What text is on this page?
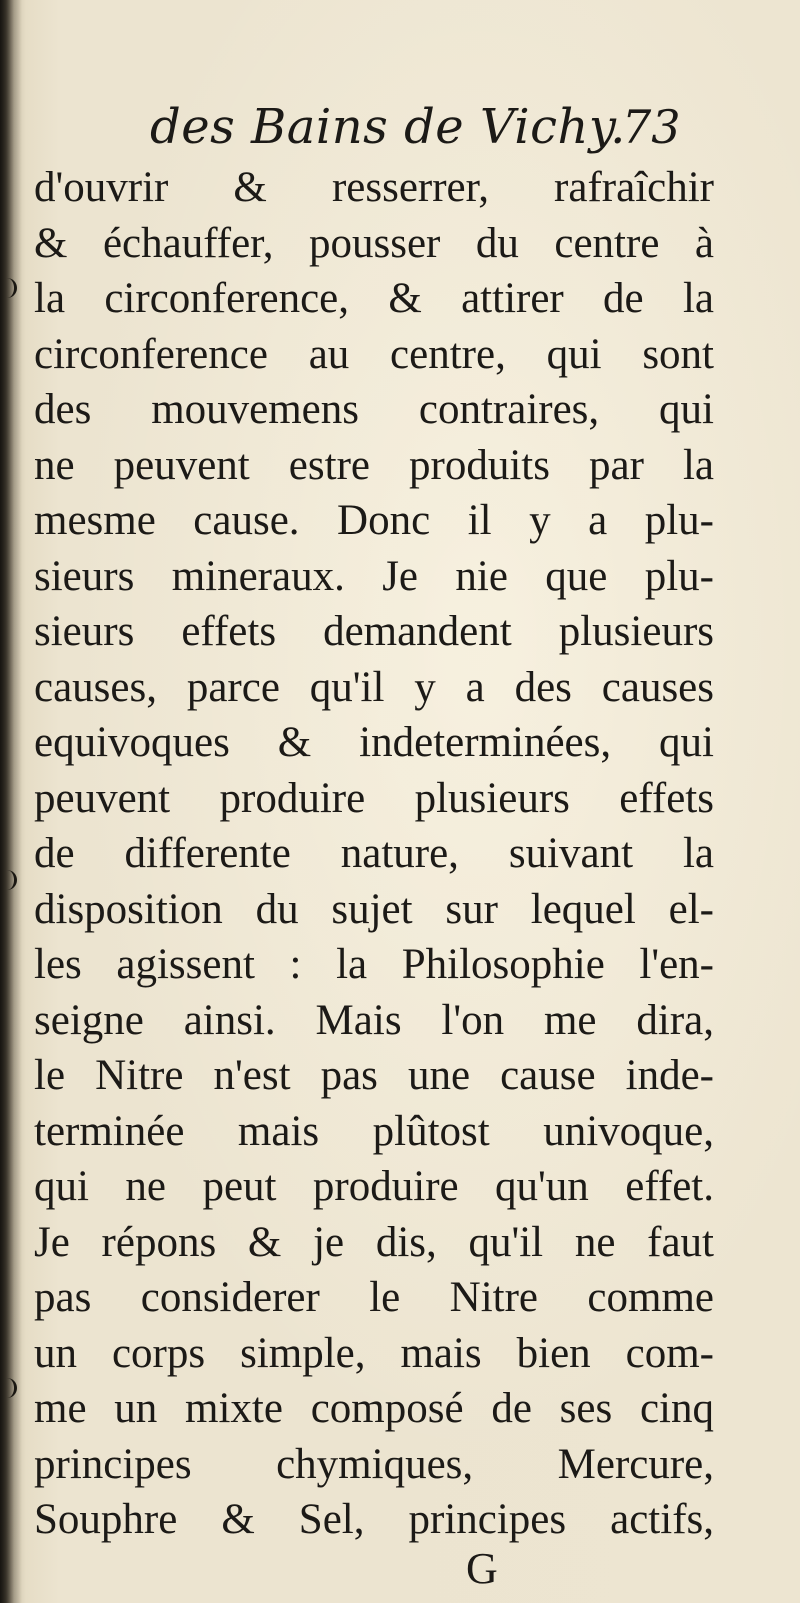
des Bains de Vichy.
73
d'ouvrir & resserrer, rafraîchir
& échauffer, pousser du centre à
la circonference, & attirer de la
circonference au centre, qui sont
des mouvemens contraires, qui
ne peuvent estre produits par la
mesme cause. Donc il y a plu-
sieurs mineraux. Je nie que plu-
sieurs effets demandent plusieurs
causes, parce qu'il y a des causes
equivoques & indeterminées, qui
peuvent produire plusieurs effets
de differente nature, suivant la
disposition du sujet sur lequel el-
les agissent : la Philosophie l'en-
seigne ainsi. Mais l'on me dira,
le Nitre n'est pas une cause inde-
terminée mais plûtost univoque,
qui ne peut produire qu'un effet.
Je répons & je dis, qu'il ne faut
pas considerer le Nitre comme
un corps simple, mais bien com-
me un mixte composé de ses cinq
principes chymiques, Mercure,
Souphre & Sel, principes actifs,
G
